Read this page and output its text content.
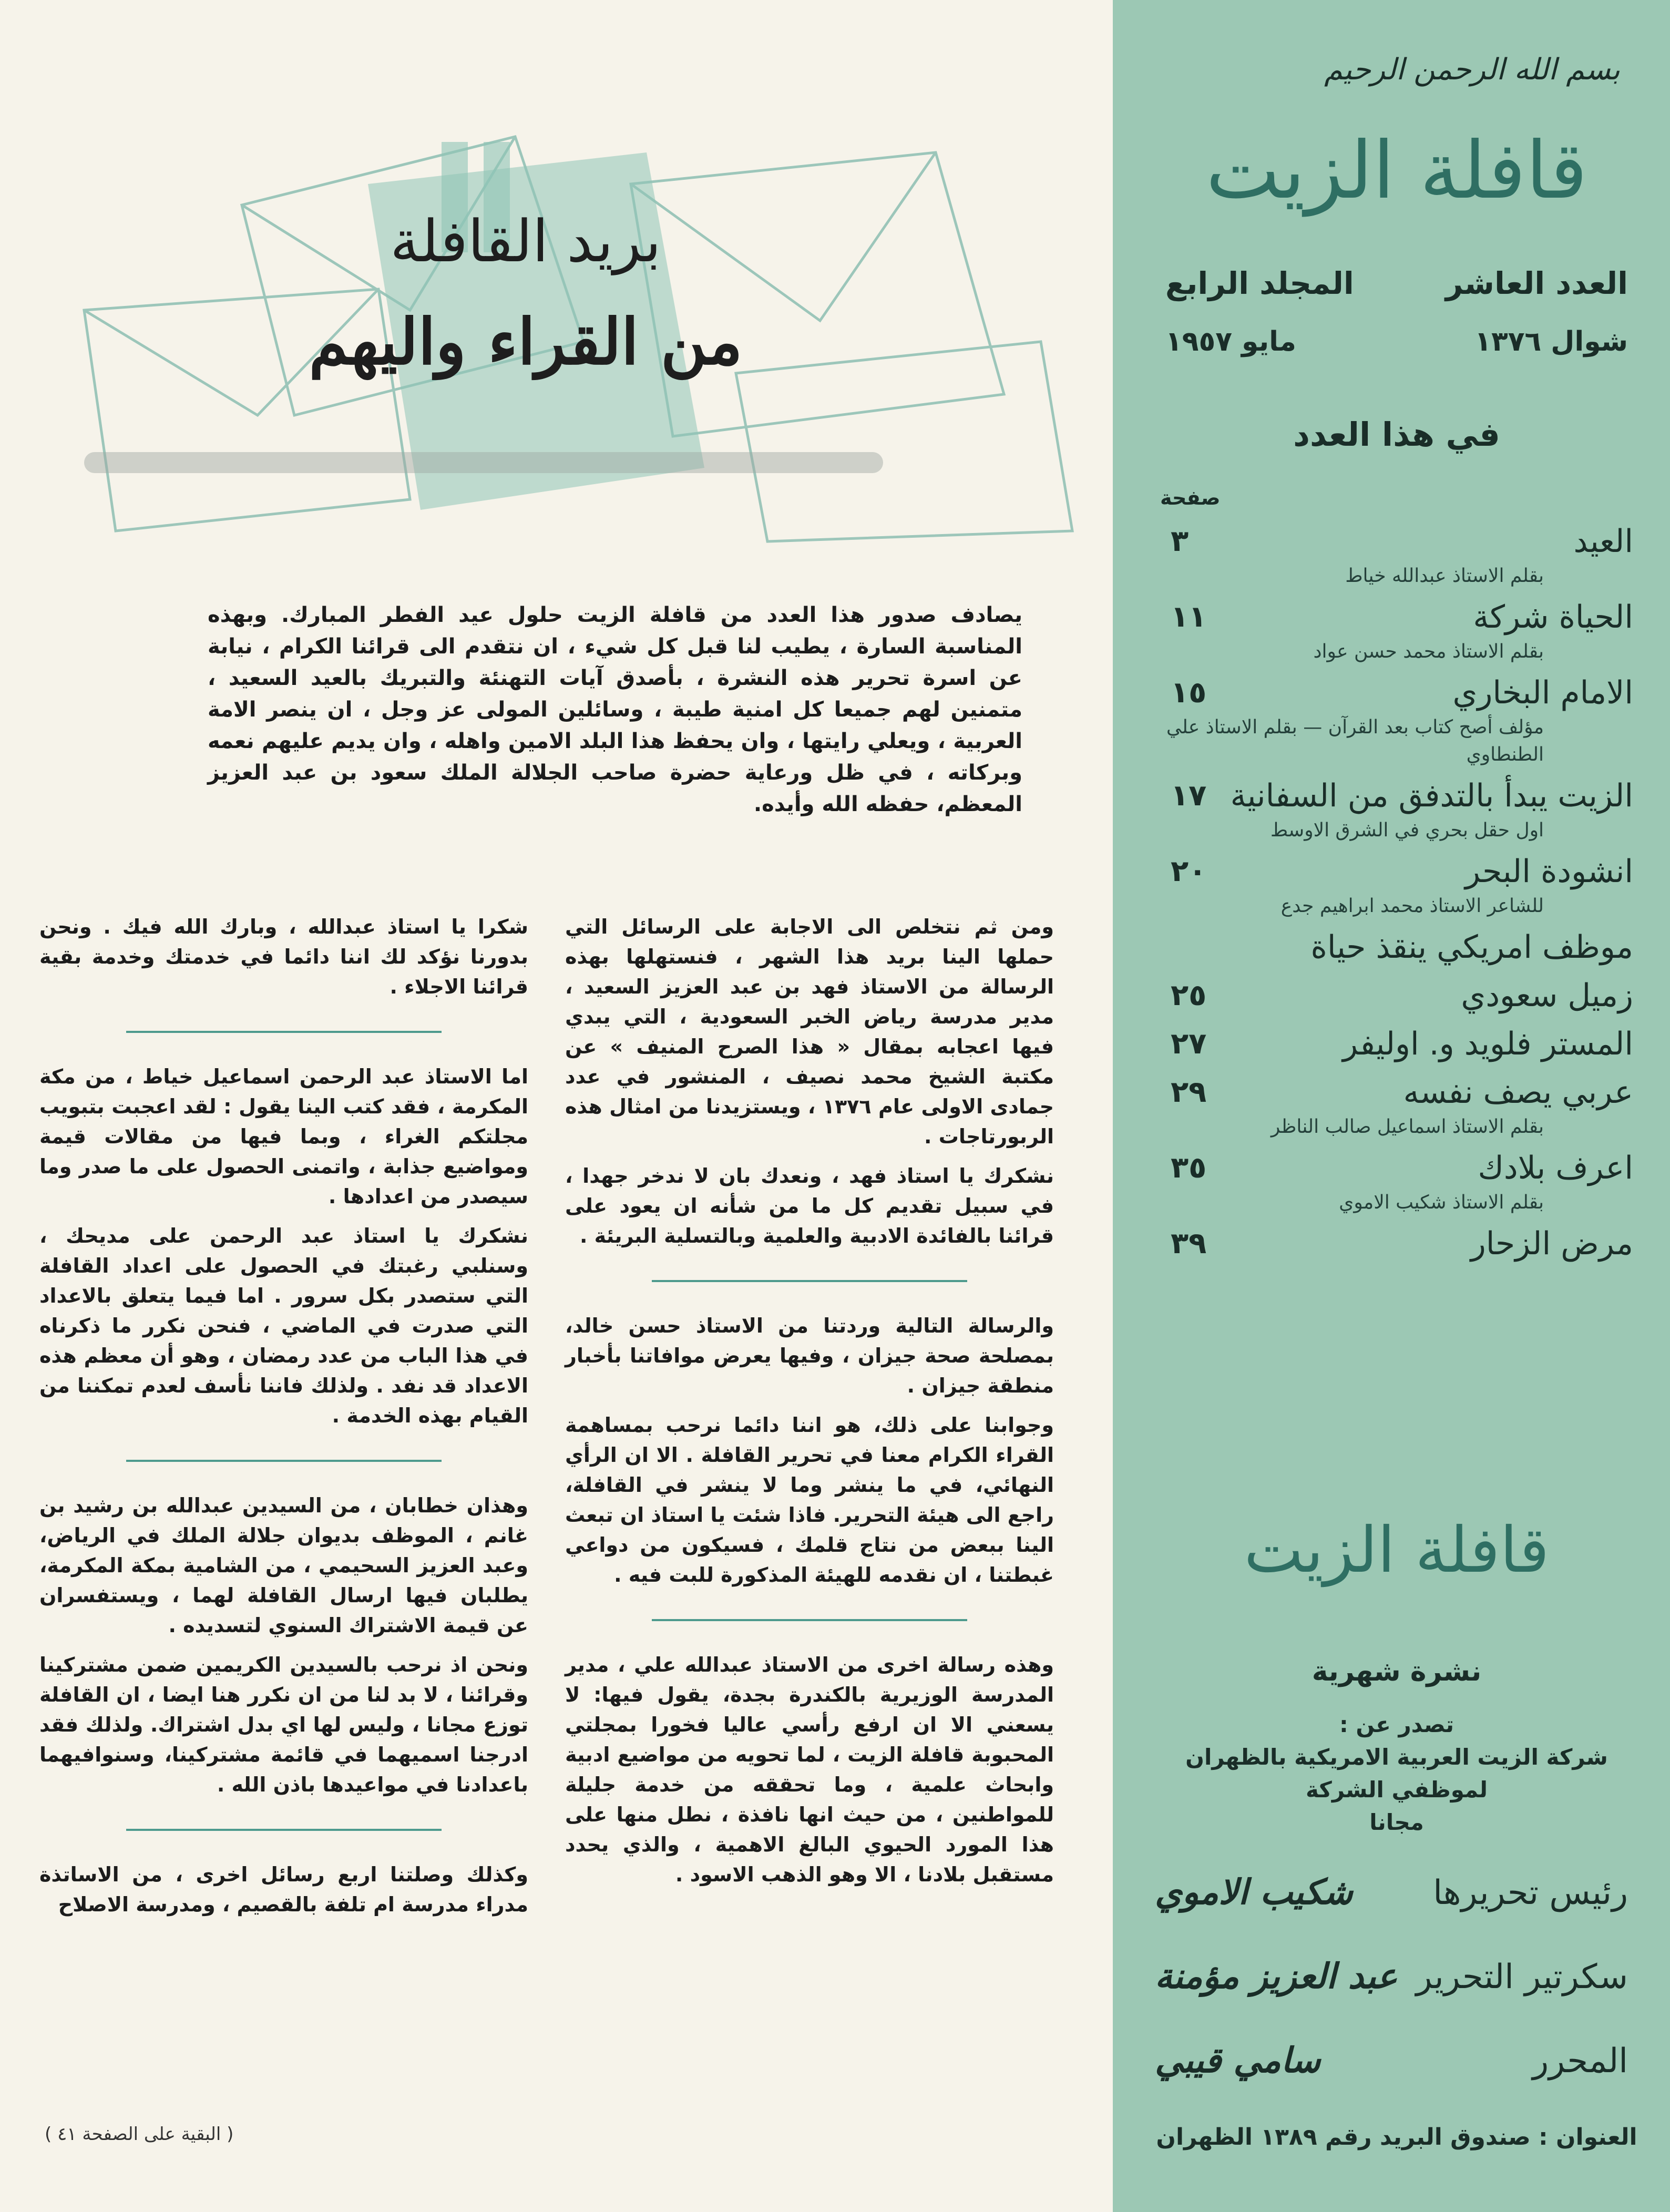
بسم الله الرحمن الرحيم
قافلة الزيت
العدد العاشر
المجلد الرابع
شوال ١٣٧٦
مايو ١٩٥٧
في هذا العدد
صفحة
العيد
٣
بقلم الاستاذ عبدالله خياط
الحياة شركة
١١
بقلم الاستاذ محمد حسن عواد
الامام البخاري
١٥
مؤلف أصح كتاب بعد القرآن — بقلم الاستاذ علي الطنطاوي
الزيت يبدأ بالتدفق من السفانية
١٧
اول حقل بحري في الشرق الاوسط
انشودة البحر
٢٠
للشاعر الاستاذ محمد ابراهيم جدع
موظف امريكي ينقذ حياة
زميل سعودي
٢٥
المستر فلويد و. اوليفر
٢٧
عربي يصف نفسه
٢٩
بقلم الاستاذ اسماعيل صالب الناظر
اعرف بلادك
٣٥
بقلم الاستاذ شكيب الاموي
مرض الزحار
٣٩
قافلة الزيت
نشرة شهرية
تصدر عن :
شركة الزيت العربية الامريكية بالظهران
لموظفي الشركة
مجانا
رئيس تحريرها
شكيب الاموي
سكرتير التحرير
عبد العزيز مؤمنة
المحرر
سامي قيبي
العنوان : صندوق البريد رقم ١٣٨٩ الظهران
بريد القافلة
من القراء واليهم
يصادف صدور هذا العدد من قافلة الزيت حلول عيد الفطر المبارك. وبهذه المناسبة السارة ، يطيب لنا قبل كل شيء ، ان نتقدم الى قرائنا الكرام ، نيابة عن اسرة تحرير هذه النشرة ، بأصدق آيات التهنئة والتبريك بالعيد السعيد ، متمنين لهم جميعا كل امنية طيبة ، وسائلين المولى عز وجل ، ان ينصر الامة العربية ، ويعلي رايتها ، وان يحفظ هذا البلد الامين واهله ، وان يديم عليهم نعمه وبركاته ، في ظل ورعاية حضرة صاحب الجلالة الملك سعود بن عبد العزيز المعظم، حفظه الله وأيده.

ومن ثم نتخلص الى الاجابة على الرسائل التي حملها الينا بريد هذا الشهر ، فنستهلها بهذه الرسالة من الاستاذ فهد بن عبد العزيز السعيد ، مدير مدرسة رياض الخبر السعودية ، التي يبدي فيها اعجابه بمقال « هذا الصرح المنيف » عن مكتبة الشيخ محمد نصيف ، المنشور في عدد جمادى الاولى عام ١٣٧٦ ، ويستزيدنا من امثال هذه الربورتاجات .

نشكرك يا استاذ فهد ، ونعدك بان لا ندخر جهدا ، في سبيل تقديم كل ما من شأنه ان يعود على قرائنا بالفائدة الادبية والعلمية وبالتسلية البريئة .

والرسالة التالية وردتنا من الاستاذ حسن خالد، بمصلحة صحة جيزان ، وفيها يعرض موافاتنا بأخبار منطقة جيزان .

وجوابنا على ذلك، هو اننا دائما نرحب بمساهمة القراء الكرام معنا في تحرير القافلة . الا ان الرأي النهائي، في ما ينشر وما لا ينشر في القافلة، راجع الى هيئة التحرير. فاذا شئت يا استاذ ان تبعث الينا ببعض من نتاج قلمك ، فسيكون من دواعي غبطتنا ، ان نقدمه للهيئة المذكورة للبت فيه .

وهذه رسالة اخرى من الاستاذ عبدالله علي ، مدير المدرسة الوزيرية بالكندرة بجدة، يقول فيها: لا يسعني الا ان ارفع رأسي عاليا فخورا بمجلتي المحبوبة قافلة الزيت ، لما تحويه من مواضيع ادبية وابحاث علمية ، وما تحققه من خدمة جليلة للمواطنين ، من حيث انها نافذة ، نطل منها على هذا المورد الحيوي البالغ الاهمية ، والذي يحدد مستقبل بلادنا ، الا وهو الذهب الاسود .

شكرا يا استاذ عبدالله ، وبارك الله فيك . ونحن بدورنا نؤكد لك اننا دائما في خدمتك وخدمة بقية قرائنا الاجلاء .

اما الاستاذ عبد الرحمن اسماعيل خياط ، من مكة المكرمة ، فقد كتب الينا يقول : لقد اعجبت بتبويب مجلتكم الغراء ، وبما فيها من مقالات قيمة ومواضيع جذابة ، واتمنى الحصول على ما صدر وما سيصدر من اعدادها .

نشكرك يا استاذ عبد الرحمن على مديحك ، وسنلبي رغبتك في الحصول على اعداد القافلة التي ستصدر بكل سرور . اما فيما يتعلق بالاعداد التي صدرت في الماضي ، فنحن نكرر ما ذكرناه في هذا الباب من عدد رمضان ، وهو أن معظم هذه الاعداد قد نفد . ولذلك فاننا نأسف لعدم تمكننا من القيام بهذه الخدمة .

وهذان خطابان ، من السيدين عبدالله بن رشيد بن غانم ، الموظف بديوان جلالة الملك في الرياض، وعبد العزيز السحيمي ، من الشامية بمكة المكرمة، يطلبان فيها ارسال القافلة لهما ، ويستفسران عن قيمة الاشتراك السنوي لتسديده .

ونحن اذ نرحب بالسيدين الكريمين ضمن مشتركينا وقرائنا ، لا بد لنا من ان نكرر هنا ايضا ، ان القافلة توزع مجانا ، وليس لها اي بدل اشتراك. ولذلك فقد ادرجنا اسميهما في قائمة مشتركينا، وسنوافيهما باعدادنا في مواعيدها باذن الله .

وكذلك وصلتنا اربع رسائل اخرى ، من الاساتذة مدراء مدرسة ام تلفة بالقصيم ، ومدرسة الاصلاح

( البقية على الصفحة ٤١ )
